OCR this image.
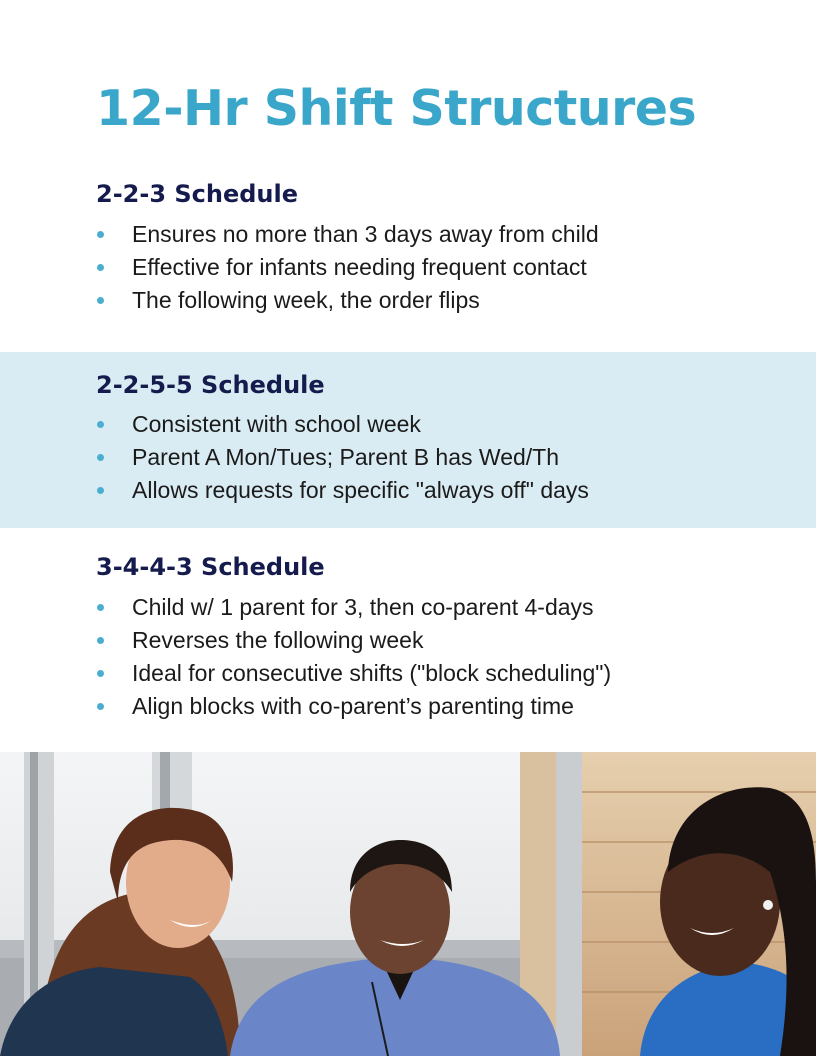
12-Hr Shift Structures
2-2-3 Schedule
Ensures no more than 3 days away from child
Effective for infants needing frequent contact
The following week, the order flips
2-2-5-5 Schedule
Consistent with school week
Parent A Mon/Tues; Parent B has Wed/Th
Allows requests for specific "always off" days
3-4-4-3 Schedule
Child w/ 1 parent for 3, then co-parent 4-days
Reverses the following week
Ideal for consecutive shifts ("block scheduling")
Align blocks with co-parent’s parenting time
